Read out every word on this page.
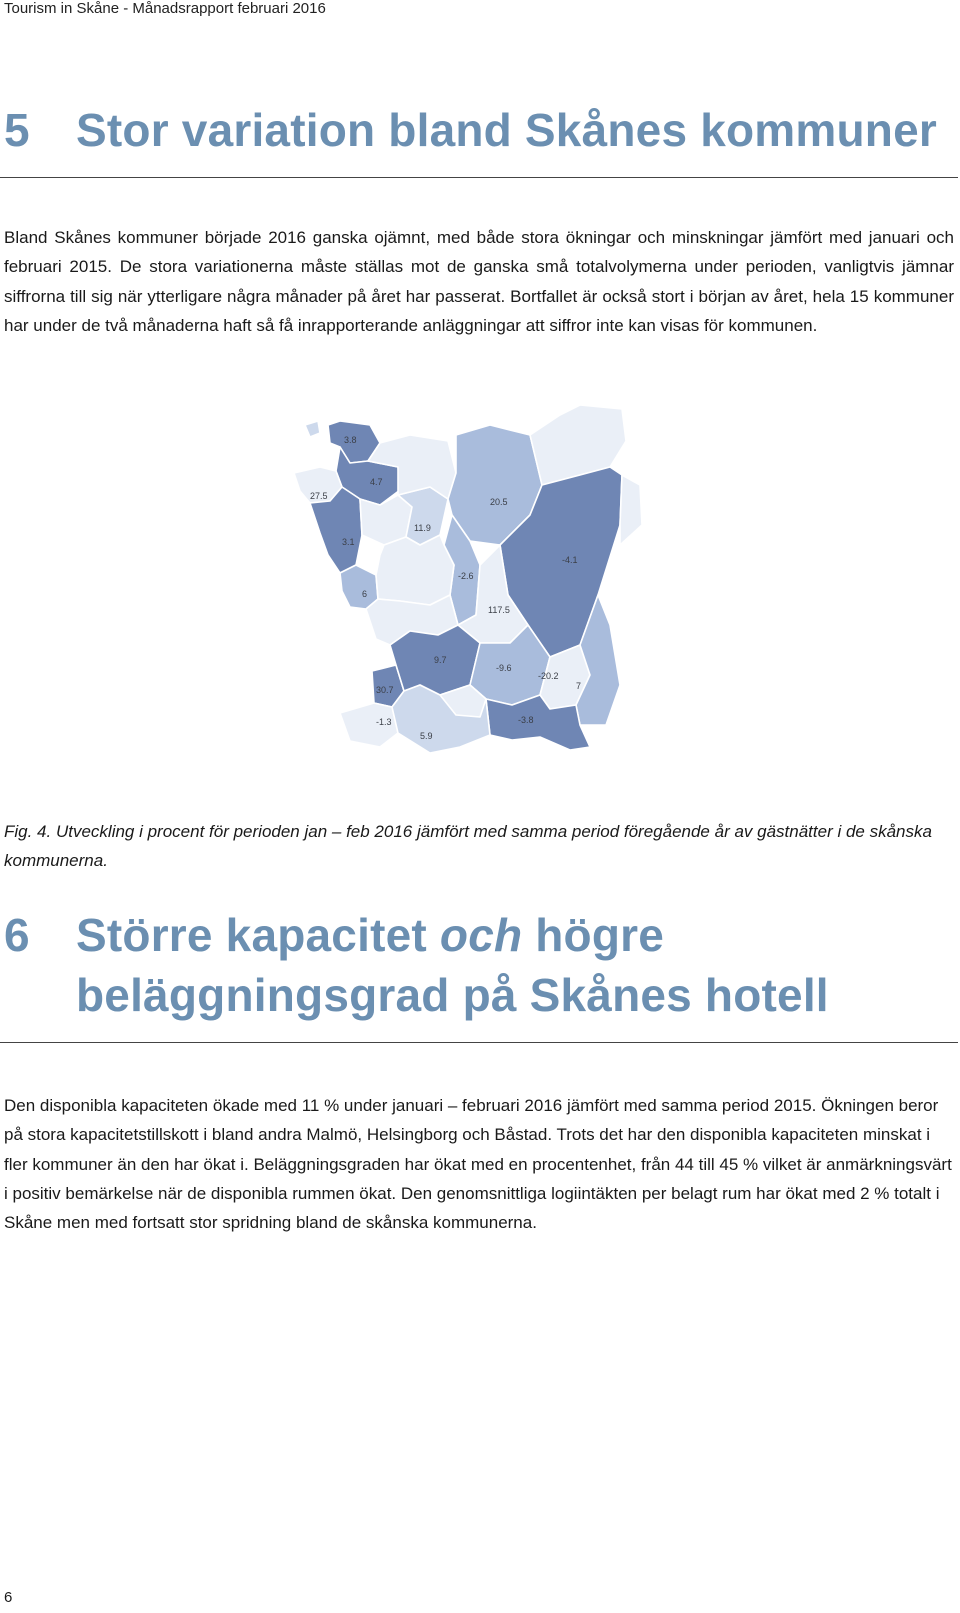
Tourism in Skåne - Månadsrapport februari 2016
5 Stor variation bland Skånes kommuner

Bland Skånes kommuner började 2016 ganska ojämnt, med både stora ökningar och minskningar jämfört med januari och februari 2015. De stora variationerna måste ställas mot de ganska små totalvolymerna under perioden, vanligtvis jämnar siffrorna till sig när ytterligare några månader på året har passerat. Bortfallet är också stort i början av året, hela 15 kommuner har under de två månaderna haft så få inrapporterande anläggningar att siffror inte kan visas för kommunen.

3.8
4.7
27.5
3.1
11.9
20.5
-2.6
-4.1
6
117.5
9.7
-9.6
-20.2
7
30.7
-1.3
5.9
-3.8

Fig. 4. Utveckling i procent för perioden jan – feb 2016 jämfört med samma period föregående år av gästnätter i de skånska kommunerna.

6 Större kapacitet och högre
beläggningsgrad på Skånes hotell

Den disponibla kapaciteten ökade med 11 % under januari – februari 2016 jämfört med samma period 2015. Ökningen beror på stora kapacitetstillskott i bland andra Malmö, Helsingborg och Båstad. Trots det har den disponibla kapaciteten minskat i fler kommuner än den har ökat i. Beläggningsgraden har ökat med en procentenhet, från 44 till 45 % vilket är anmärkningsvärt i positiv bemärkelse när de disponibla rummen ökat. Den genomsnittliga logiintäkten per belagt rum har ökat med 2 % totalt i Skåne men med fortsatt stor spridning bland de skånska kommunerna.

6
